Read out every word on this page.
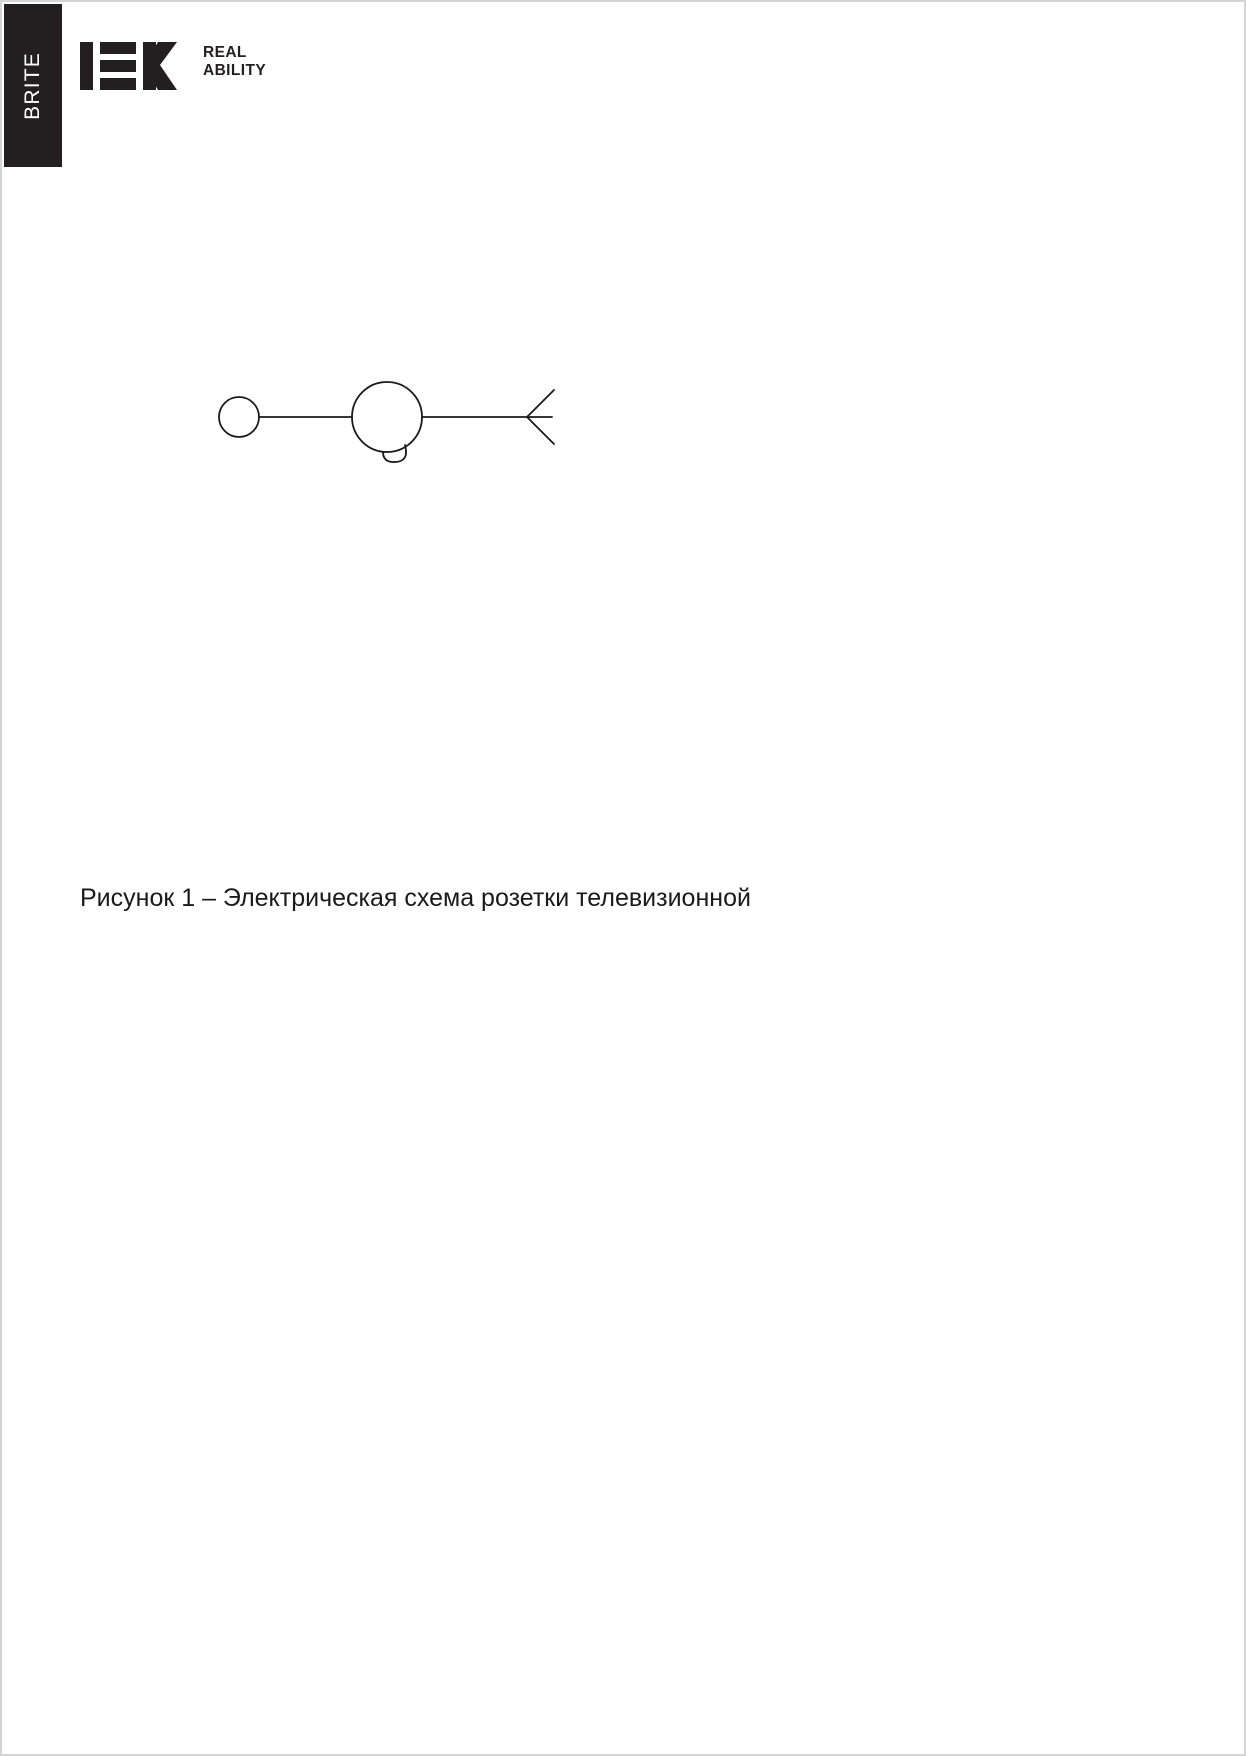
BRITE	REAL
ABILITY
Рисунок 1 – Электрическая схема розетки телевизионной
